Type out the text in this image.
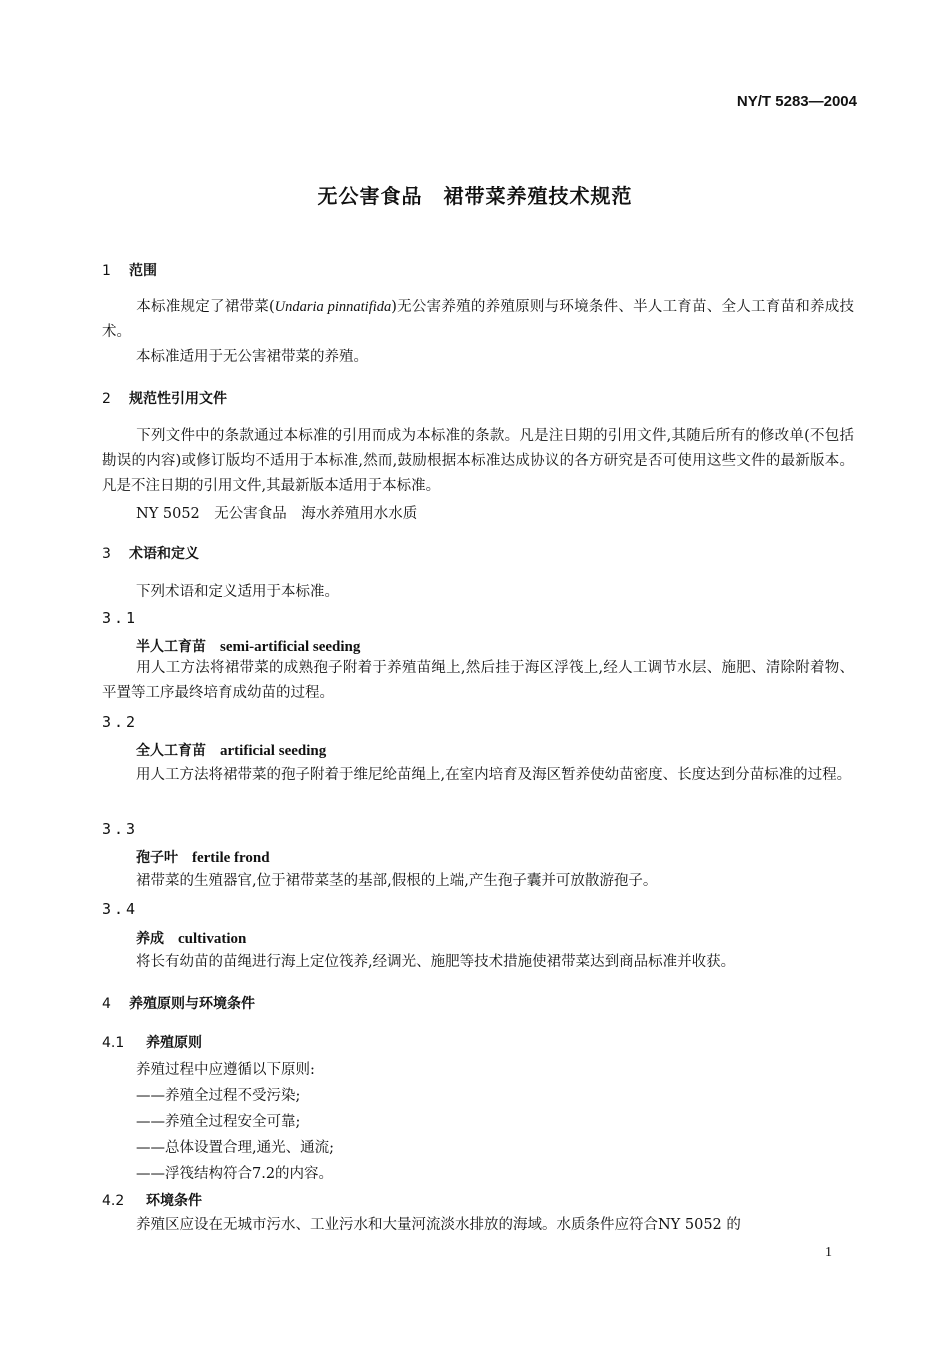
NY/T 5283—2004
无公害食品　裙带菜养殖技术规范
1 范围
本标准规定了裙带菜(Undaria pinnatifida)无公害养殖的养殖原则与环境条件、半人工育苗、全人工育苗和养成技术。
本标准适用于无公害裙带菜的养殖。
2 规范性引用文件
下列文件中的条款通过本标准的引用而成为本标准的条款。凡是注日期的引用文件,其随后所有的修改单(不包括勘误的内容)或修订版均不适用于本标准,然而,鼓励根据本标准达成协议的各方研究是否可使用这些文件的最新版本。凡是不注日期的引用文件,其最新版本适用于本标准。
NY 5052　无公害食品　海水养殖用水水质
3 术语和定义
下列术语和定义适用于本标准。
3.1
半人工育苗 semi-artificial seeding
用人工方法将裙带菜的成熟孢子附着于养殖苗绳上,然后挂于海区浮筏上,经人工调节水层、施肥、清除附着物、平置等工序最终培育成幼苗的过程。
3.2
全人工育苗 artificial seeding
用人工方法将裙带菜的孢子附着于维尼纶苗绳上,在室内培育及海区暂养使幼苗密度、长度达到分苗标准的过程。
3.3
孢子叶 fertile frond
裙带菜的生殖器官,位于裙带菜茎的基部,假根的上端,产生孢子囊并可放散游孢子。
3.4
养成 cultivation
将长有幼苗的苗绳进行海上定位筏养,经调光、施肥等技术措施使裙带菜达到商品标准并收获。
4 养殖原则与环境条件
4.1 养殖原则
养殖过程中应遵循以下原则:
——养殖全过程不受污染;
——养殖全过程安全可靠;
——总体设置合理,通光、通流;
——浮筏结构符合7.2的内容。
4.2 环境条件
养殖区应设在无城市污水、工业污水和大量河流淡水排放的海域。水质条件应符合NY 5052 的
1
